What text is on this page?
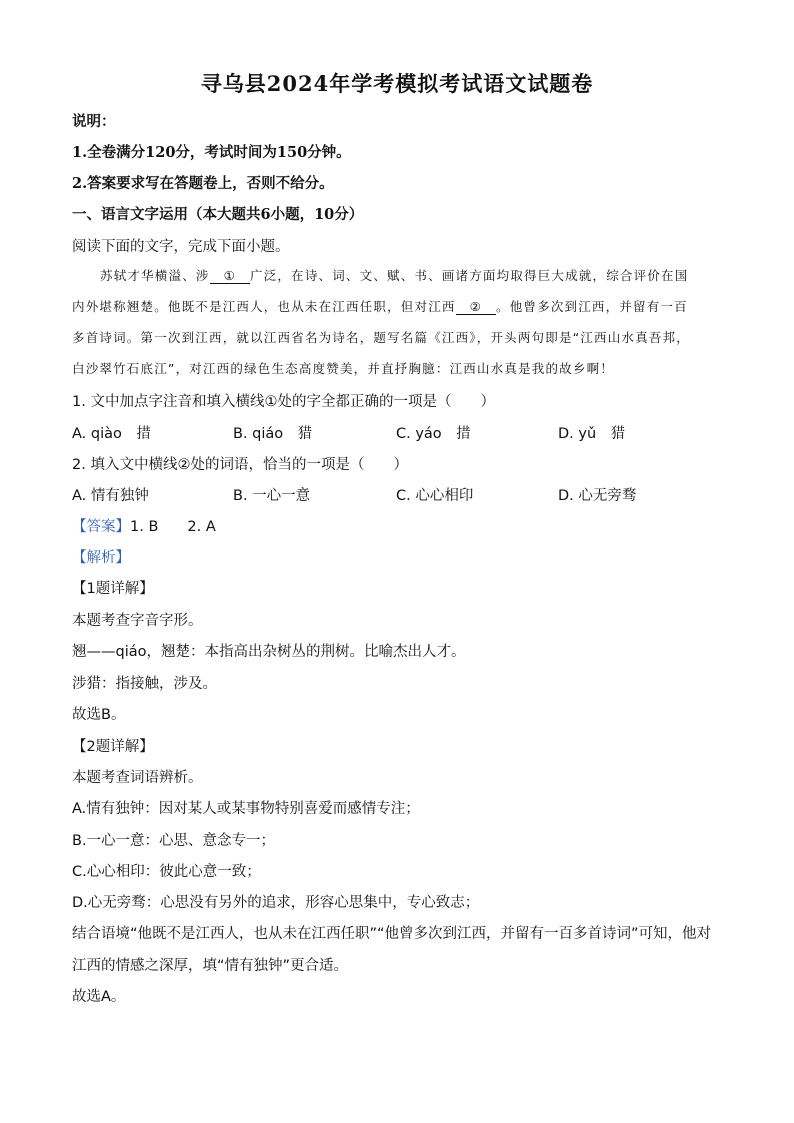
寻乌县2024年学考模拟考试语文试题卷
说明：
1.全卷满分120分，考试时间为150分钟。
2.答案要求写在答题卷上，否则不给分。
一、语言文字运用（本大题共6小题，10分）
阅读下面的文字，完成下面小题。
苏轼才华横溢、涉 ① 广泛，在诗、词、文、赋、书、画诸方面均取得巨大成就，综合评价在国
内外堪称翘楚。他既不是江西人，也从未在江西任职，但对江西 ② 。他曾多次到江西，并留有一百
多首诗词。第一次到江西，就以江西省名为诗名，题写名篇《江西》，开头两句即是“江西山水真吾邦，
白沙翠竹石底江”，对江西的绿色生态高度赞美，并直抒胸臆：江西山水真是我的故乡啊！
1. 文中加点字注音和填入横线①处的字全都正确的一项是（　　）
A. qiào　措	B. qiáo　猎	C. yáo　措	D. yǔ　猎
2. 填入文中横线②处的词语，恰当的一项是（　　）
A. 情有独钟	B. 一心一意	C. 心心相印	D. 心无旁骛
【答案】1. B　　2. A
【解析】
【1题详解】
本题考查字音字形。
翘——qiáo，翘楚：本指高出杂树丛的荆树。比喻杰出人才。
涉猎：指接触，涉及。
故选B。
【2题详解】
本题考查词语辨析。
A.情有独钟：因对某人或某事物特别喜爱而感情专注；
B.一心一意：心思、意念专一；
C.心心相印：彼此心意一致；
D.心无旁骛：心思没有另外的追求，形容心思集中，专心致志；
结合语境“他既不是江西人，也从未在江西任职”“他曾多次到江西，并留有一百多首诗词”可知，他对
江西的情感之深厚，填“情有独钟”更合适。
故选A。
